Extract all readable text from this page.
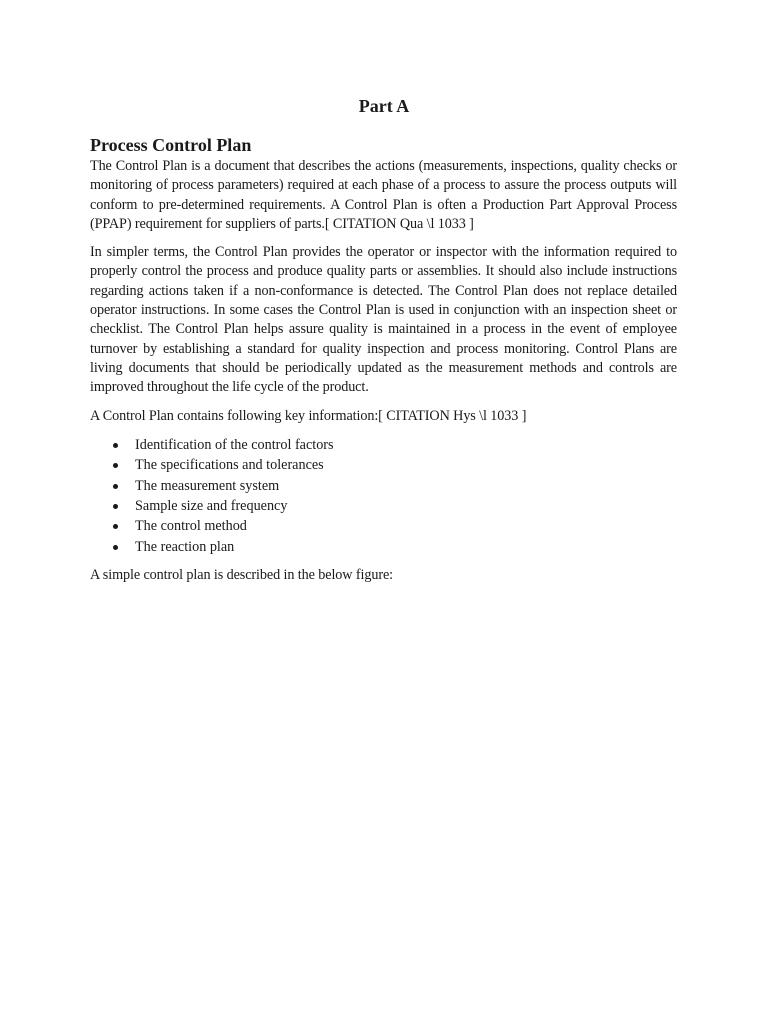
Part A
Process Control Plan

The Control Plan is a document that describes the actions (measurements, inspections, quality checks or monitoring of process parameters) required at each phase of a process to assure the process outputs will conform to pre-determined requirements. A Control Plan is often a Production Part Approval Process (PPAP) requirement for suppliers of parts.[ CITATION Qua \l 1033 ]

In simpler terms, the Control Plan provides the operator or inspector with the information required to properly control the process and produce quality parts or assemblies. It should also include instructions regarding actions taken if a non-conformance is detected. The Control Plan does not replace detailed operator instructions. In some cases the Control Plan is used in conjunction with an inspection sheet or checklist. The Control Plan helps assure quality is maintained in a process in the event of employee turnover by establishing a standard for quality inspection and process monitoring. Control Plans are living documents that should be periodically updated as the measurement methods and controls are improved throughout the life cycle of the product.

A Control Plan contains following key information:[ CITATION Hys \l 1033 ]

Identification of the control factors
The specifications and tolerances
The measurement system
Sample size and frequency
The control method
The reaction plan

A simple control plan is described in the below figure:
